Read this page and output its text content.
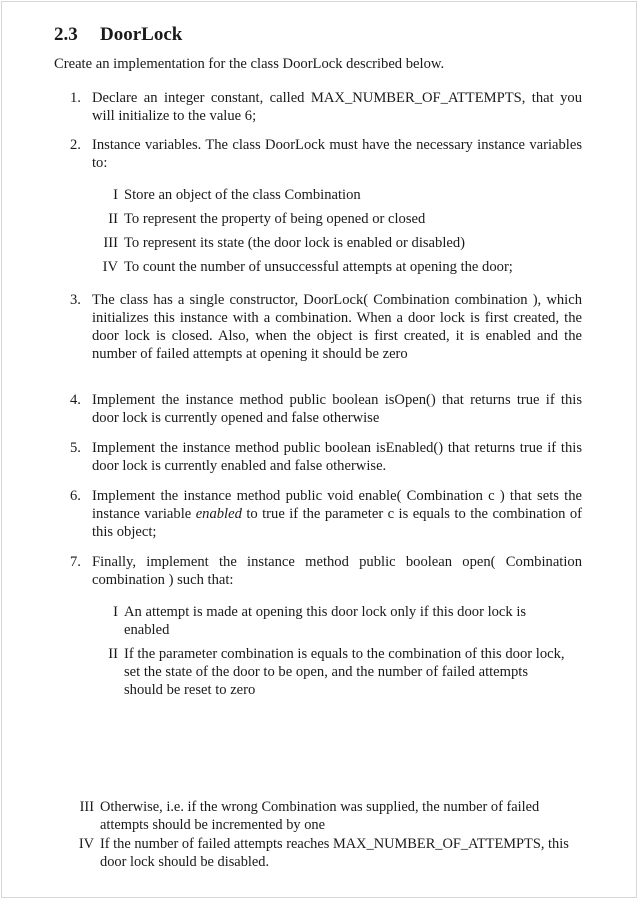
2.3 DoorLock
Create an implementation for the class DoorLock described below.
1. Declare an integer constant, called MAX_NUMBER_OF_ATTEMPTS, that you will initialize to the value 6;
2. Instance variables. The class DoorLock must have the necessary instance variables to:
I Store an object of the class Combination
II To represent the property of being opened or closed
III To represent its state (the door lock is enabled or disabled)
IV To count the number of unsuccessful attempts at opening the door;
3. The class has a single constructor, DoorLock( Combination combination ), which initializes this instance with a combination. When a door lock is first created, the door lock is closed. Also, when the object is first created, it is enabled and the number of failed attempts at opening it should be zero
4. Implement the instance method public boolean isOpen() that returns true if this door lock is currently opened and false otherwise
5. Implement the instance method public boolean isEnabled() that returns true if this door lock is currently enabled and false otherwise.
6. Implement the instance method public void enable( Combination c ) that sets the instance variable enabled to true if the parameter c is equals to the combination of this object;
7. Finally, implement the instance method public boolean open( Combination combination ) such that:
I An attempt is made at opening this door lock only if this door lock is enabled
II If the parameter combination is equals to the combination of this door lock, set the state of the door to be open, and the number of failed attempts should be reset to zero
III Otherwise, i.e. if the wrong Combination was supplied, the number of failed attempts should be incremented by one
IV If the number of failed attempts reaches MAX_NUMBER_OF_ATTEMPTS, this door lock should be disabled.
